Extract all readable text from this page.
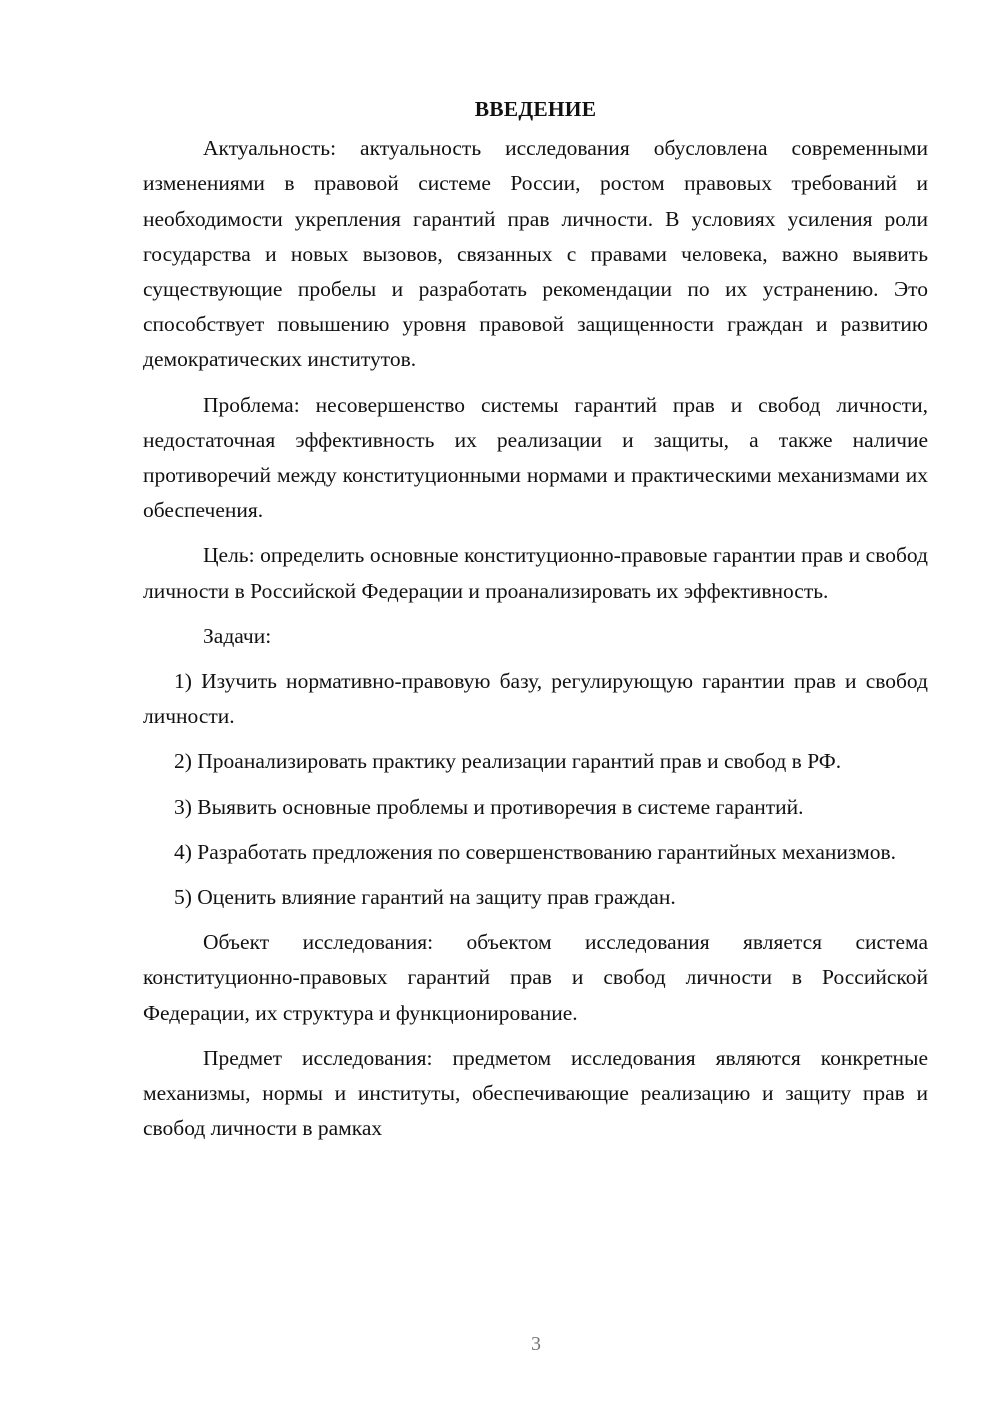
ВВЕДЕНИЕ

Актуальность: актуальность исследования обусловлена современными изменениями в правовой системе России, ростом правовых требований и необходимости укрепления гарантий прав личности. В условиях усиления роли государства и новых вызовов, связанных с правами человека, важно выявить существующие пробелы и разработать рекомендации по их устранению. Это способствует повышению уровня правовой защищенности граждан и развитию демократических институтов.

Проблема: несовершенство системы гарантий прав и свобод личности, недостаточная эффективность их реализации и защиты, а также наличие противоречий между конституционными нормами и практическими механизмами их обеспечения.

Цель: определить основные конституционно-правовые гарантии прав и свобод личности в Российской Федерации и проанализировать их эффективность.

Задачи:

1) Изучить нормативно-правовую базу, регулирующую гарантии прав и свобод личности.

2) Проанализировать практику реализации гарантий прав и свобод в РФ.

3) Выявить основные проблемы и противоречия в системе гарантий.

4) Разработать предложения по совершенствованию гарантийных механизмов.

5) Оценить влияние гарантий на защиту прав граждан.

Объект исследования: объектом исследования является система конституционно-правовых гарантий прав и свобод личности в Российской Федерации, их структура и функционирование.

Предмет исследования: предметом исследования являются конкретные механизмы, нормы и институты, обеспечивающие реализацию и защиту прав и свобод личности в рамках

3
